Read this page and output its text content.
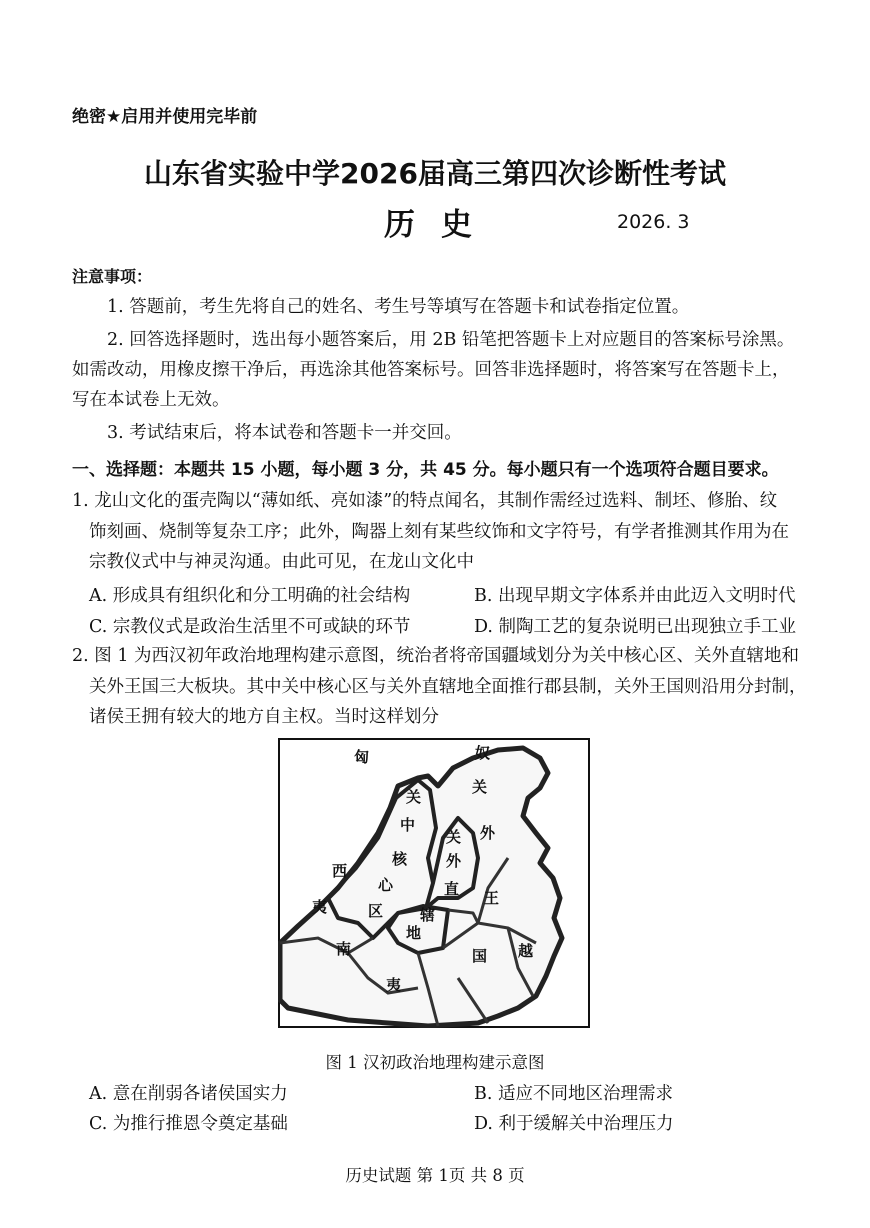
绝密★启用并使用完毕前
山东省实验中学2026届高三第四次诊断性考试
历史	2026. 3
注意事项：
1. 答题前，考生先将自己的姓名、考生号等填写在答题卡和试卷指定位置。
2. 回答选择题时，选出每小题答案后，用 2B 铅笔把答题卡上对应题目的答案标号涂黑。
如需改动，用橡皮擦干净后，再选涂其他答案标号。回答非选择题时，将答案写在答题卡上，
写在本试卷上无效。
3. 考试结束后，将本试卷和答题卡一并交回。
一、选择题：本题共 15 小题，每小题 3 分，共 45 分。每小题只有一个选项符合题目要求。
1. 龙山文化的蛋壳陶以“薄如纸、亮如漆”的特点闻名，其制作需经过选料、制坯、修胎、纹
饰刻画、烧制等复杂工序；此外，陶器上刻有某些纹饰和文字符号，有学者推测其作用为在
宗教仪式中与神灵沟通。由此可见，在龙山文化中
A. 形成具有组织化和分工明确的社会结构	B. 出现早期文字体系并由此迈入文明时代
C. 宗教仪式是政治生活里不可或缺的环节	D. 制陶工艺的复杂说明已出现独立手工业
2. 图 1 为西汉初年政治地理构建示意图，统治者将帝国疆域划分为关中核心区、关外直辖地和
关外王国三大板块。其中关中核心区与关外直辖地全面推行郡县制，关外王国则沿用分封制，
诸侯王拥有较大的地方自主权。当时这样划分
匈	奴
关
中
核
心
区
关
外
直
辖
地
关
外
王
国
西
夷
南
夷
越
图 1 汉初政治地理构建示意图
A. 意在削弱各诸侯国实力	B. 适应不同地区治理需求
C. 为推行推恩令奠定基础	D. 利于缓解关中治理压力
历史试题 第 1页 共 8 页
